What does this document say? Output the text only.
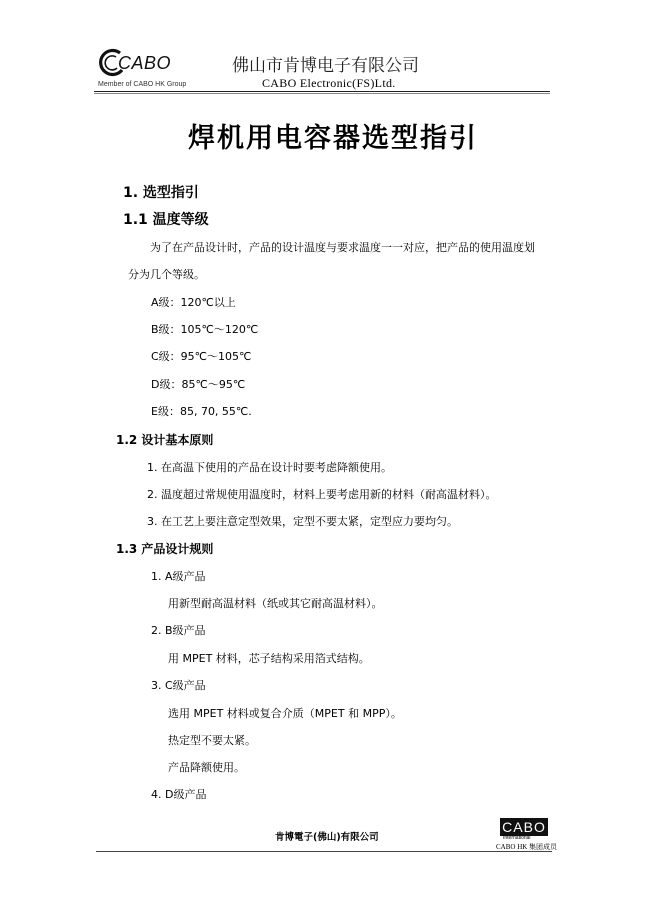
CABO
Member of CABO HK Group
佛山市肯博电子有限公司
CABO Electronic(FS)Ltd.
焊机用电容器选型指引
1. 选型指引
1.1 温度等级
为了在产品设计时，产品的设计温度与要求温度一一对应，把产品的使用温度划
分为几个等级。
A级：120℃以上
B级：105℃～120℃
C级：95℃～105℃
D级：85℃～95℃
E级：85, 70, 55℃.
1.2 设计基本原则
1. 在高温下使用的产品在设计时要考虑降额使用。
2. 温度超过常规使用温度时，材料上要考虑用新的材料（耐高温材料）。
3. 在工艺上要注意定型效果，定型不要太紧，定型应力要均匀。
1.3 产品设计规则
1. A级产品
用新型耐高温材料（纸或其它耐高温材料）。
2. B级产品
用 MPET 材料，芯子结构采用箔式结构。
3. C级产品
选用 MPET 材料或复合介质（MPET 和 MPP）。
热定型不要太紧。
产品降额使用。
4. D级产品
肯博電子(佛山)有限公司
CABO
International
CABO HK 集团成员
